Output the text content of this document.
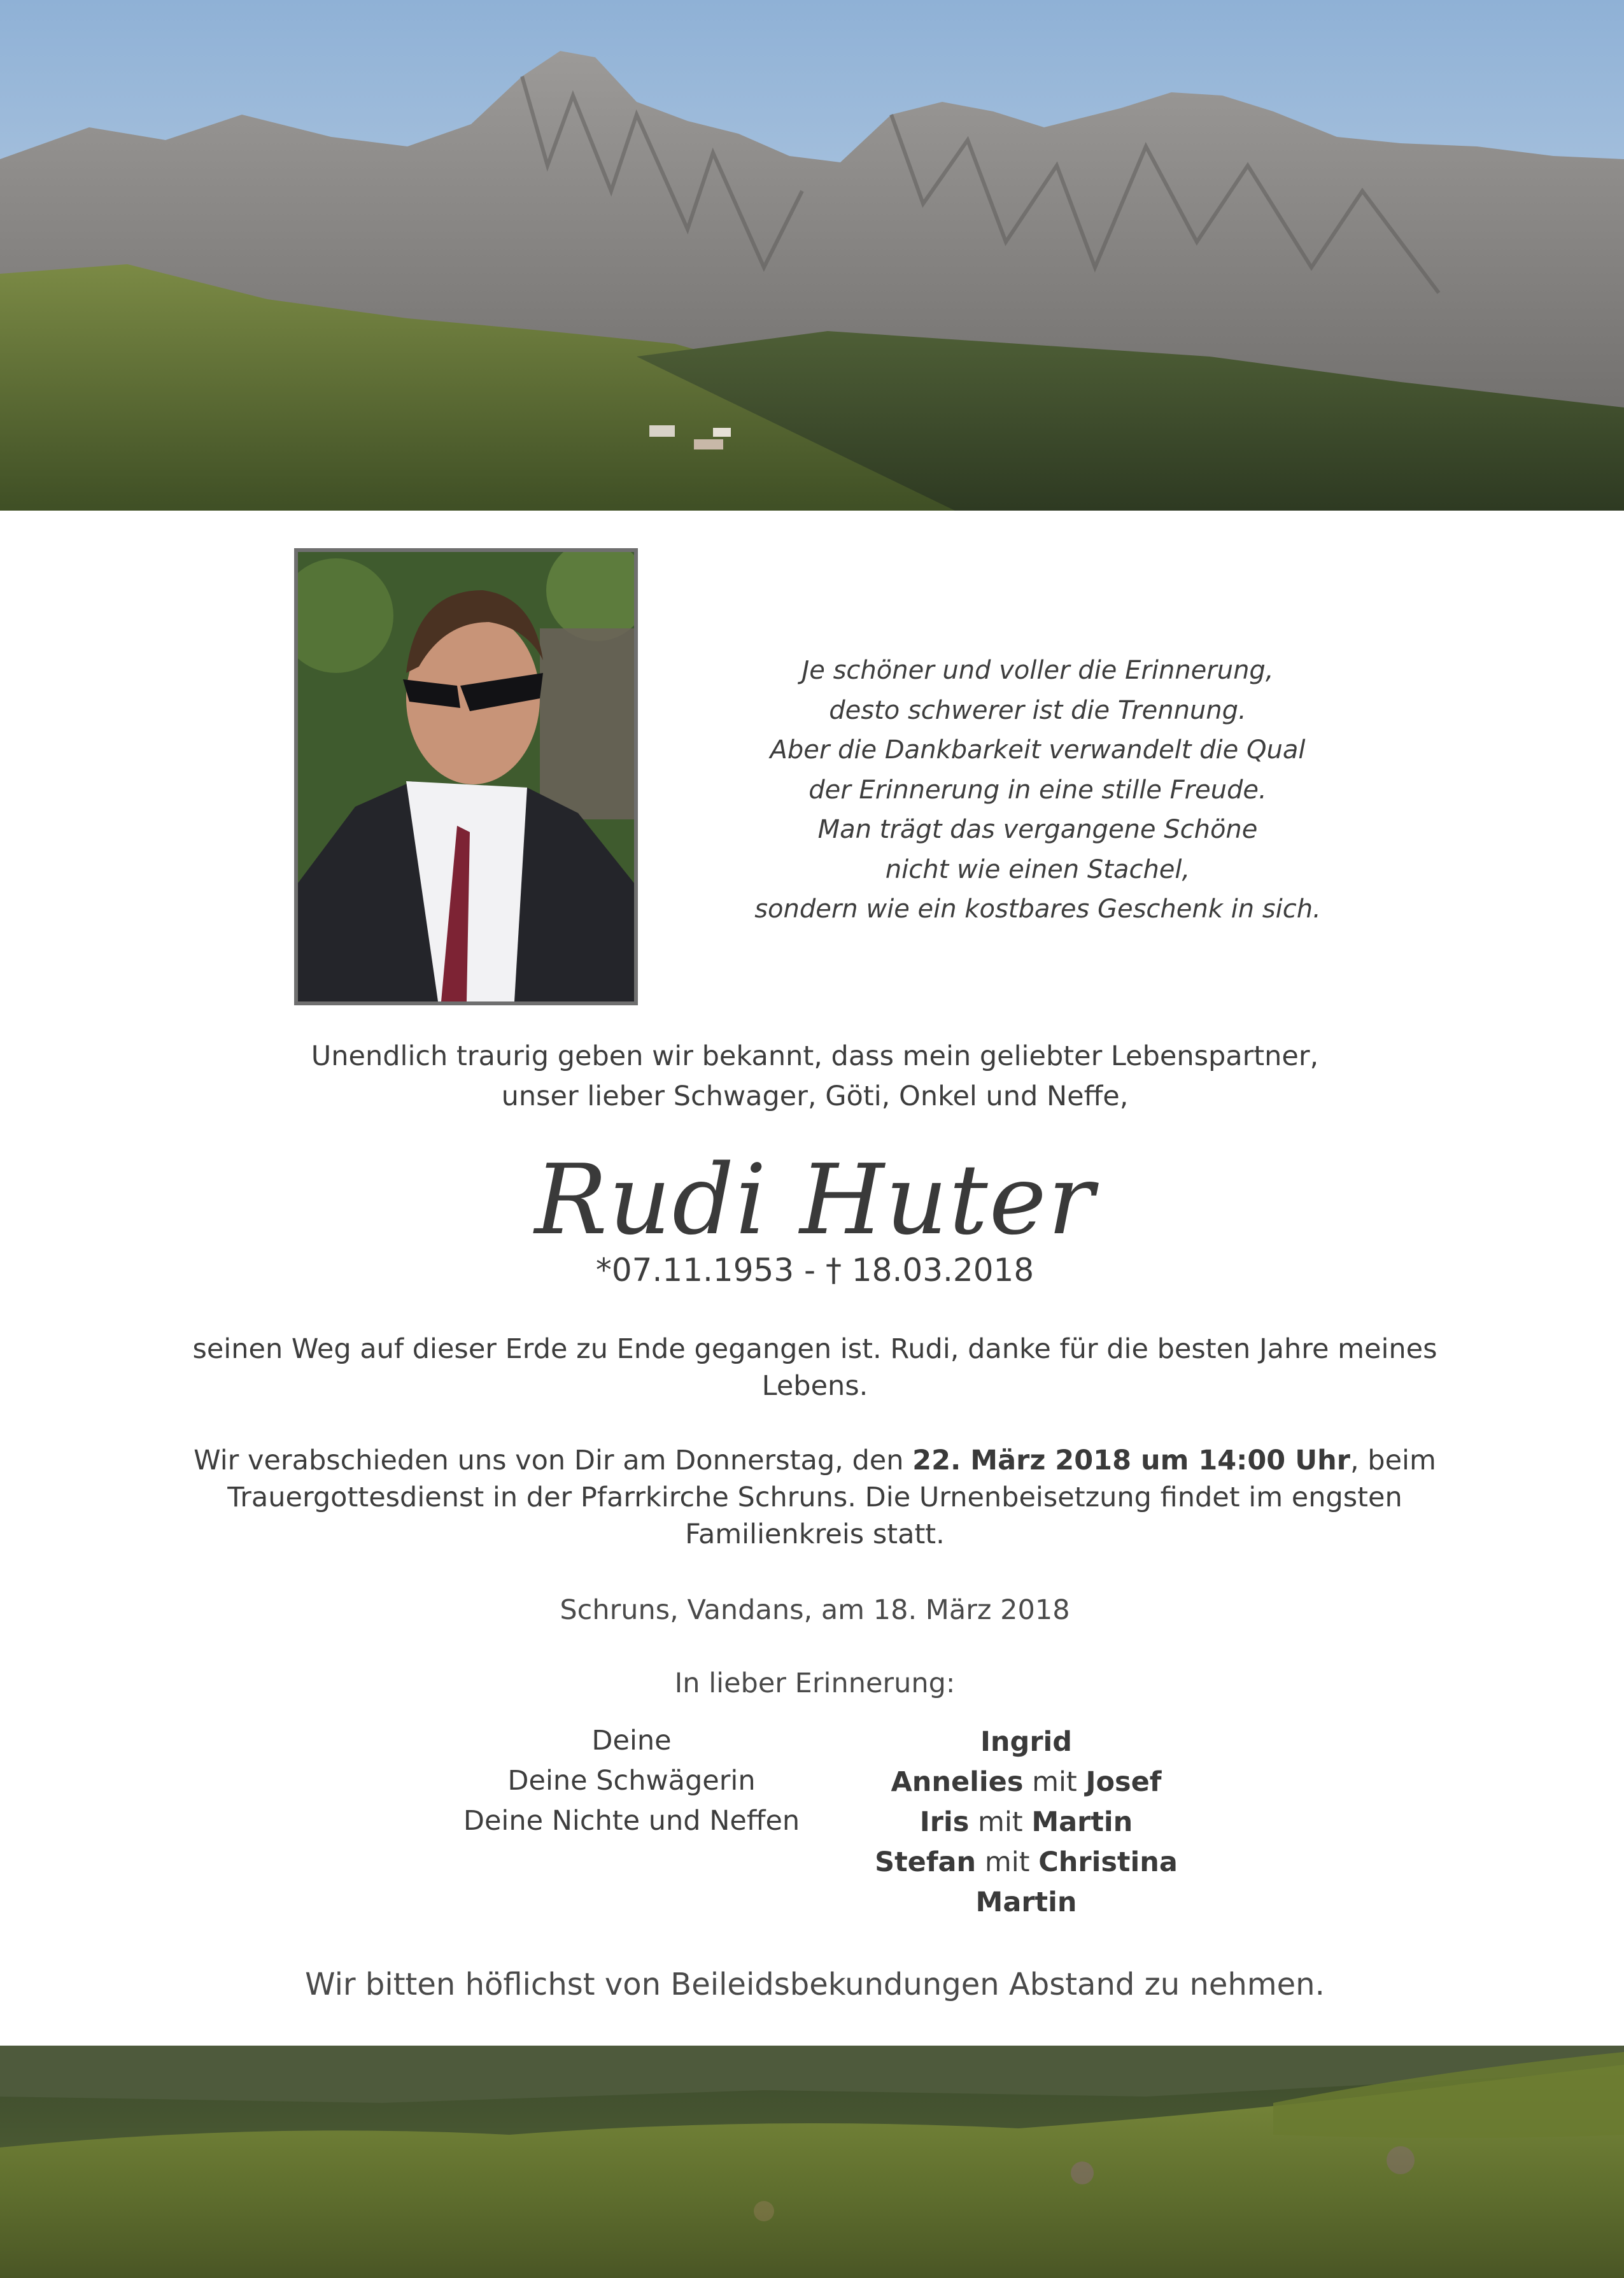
Je schöner und voller die Erinnerung,
desto schwerer ist die Trennung.
Aber die Dankbarkeit verwandelt die Qual
der Erinnerung in eine stille Freude.
Man trägt das vergangene Schöne
nicht wie einen Stachel,
sondern wie ein kostbares Geschenk in sich.
Unendlich traurig geben wir bekannt, dass mein geliebter Lebenspartner,
unser lieber Schwager, Göti, Onkel und Neffe,
Rudi Huter
*07.11.1953 - † 18.03.2018
seinen Weg auf dieser Erde zu Ende gegangen ist. Rudi, danke für die besten Jahre meines
Lebens.
Wir verabschieden uns von Dir am Donnerstag, den 22. März 2018 um 14:00 Uhr, beim
Trauergottesdienst in der Pfarrkirche Schruns. Die Urnenbeisetzung findet im engsten
Familienkreis statt.
Schruns, Vandans, am 18. März 2018
In lieber Erinnerung:
Deine
Deine Schwägerin
Deine Nichte und Neffen
Ingrid
Annelies mit Josef
Iris mit Martin
Stefan mit Christina
Martin
Wir bitten höflichst von Beileidsbekundungen Abstand zu nehmen.
